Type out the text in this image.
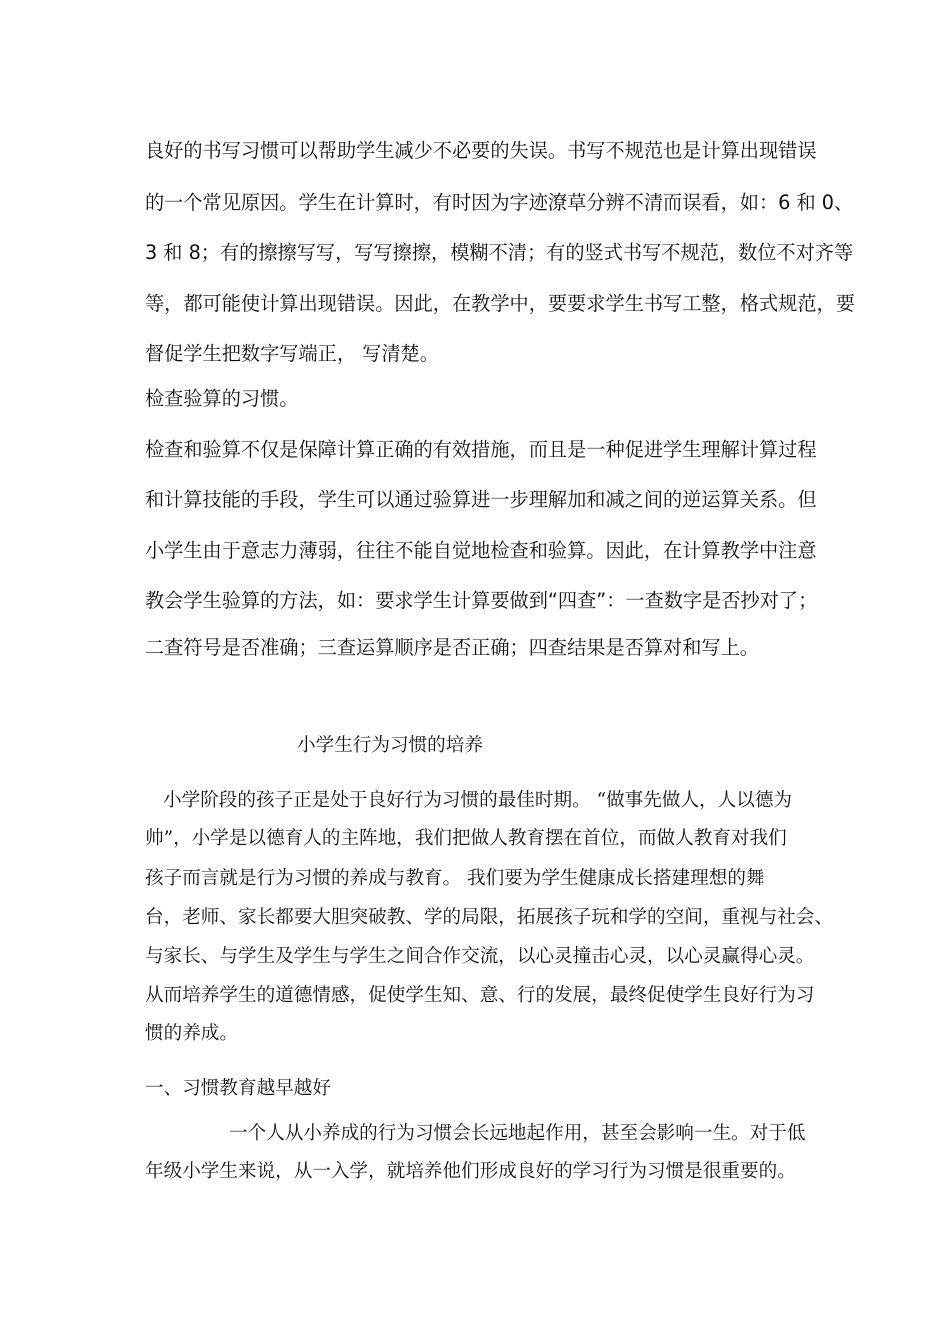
良好的书写习惯可以帮助学生减少不必要的失误。书写不规范也是计算出现错误
的一个常见原因。学生在计算时，有时因为字迹潦草分辨不清而误看，如：6 和 0、
3 和 8；有的擦擦写写，写写擦擦，模糊不清；有的竖式书写不规范，数位不对齐等
等，都可能使计算出现错误。因此，在教学中，要要求学生书写工整，格式规范，要
督促学生把数字写端正， 写清楚。
检查验算的习惯。
检查和验算不仅是保障计算正确的有效措施，而且是一种促进学生理解计算过程
和计算技能的手段，学生可以通过验算进一步理解加和减之间的逆运算关系。但
小学生由于意志力薄弱，往往不能自觉地检查和验算。因此，在计算教学中注意
教会学生验算的方法，如：要求学生计算要做到“四查”：一查数字是否抄对了；
二查符号是否准确；三查运算顺序是否正确；四查结果是否算对和写上。
小学生行为习惯的培养
小学阶段的孩子正是处于良好行为习惯的最佳时期。 “做事先做人，人以德为
帅”，小学是以德育人的主阵地，我们把做人教育摆在首位，而做人教育对我们
孩子而言就是行为习惯的养成与教育。 我们要为学生健康成长搭建理想的舞
台，老师、家长都要大胆突破教、学的局限，拓展孩子玩和学的空间，重视与社会、
与家长、与学生及学生与学生之间合作交流，以心灵撞击心灵，以心灵赢得心灵。
从而培养学生的道德情感，促使学生知、意、行的发展，最终促使学生良好行为习
惯的养成。
一、习惯教育越早越好
一个人从小养成的行为习惯会长远地起作用，甚至会影响一生。对于低
年级小学生来说，从一入学，就培养他们形成良好的学习行为习惯是很重要的。
